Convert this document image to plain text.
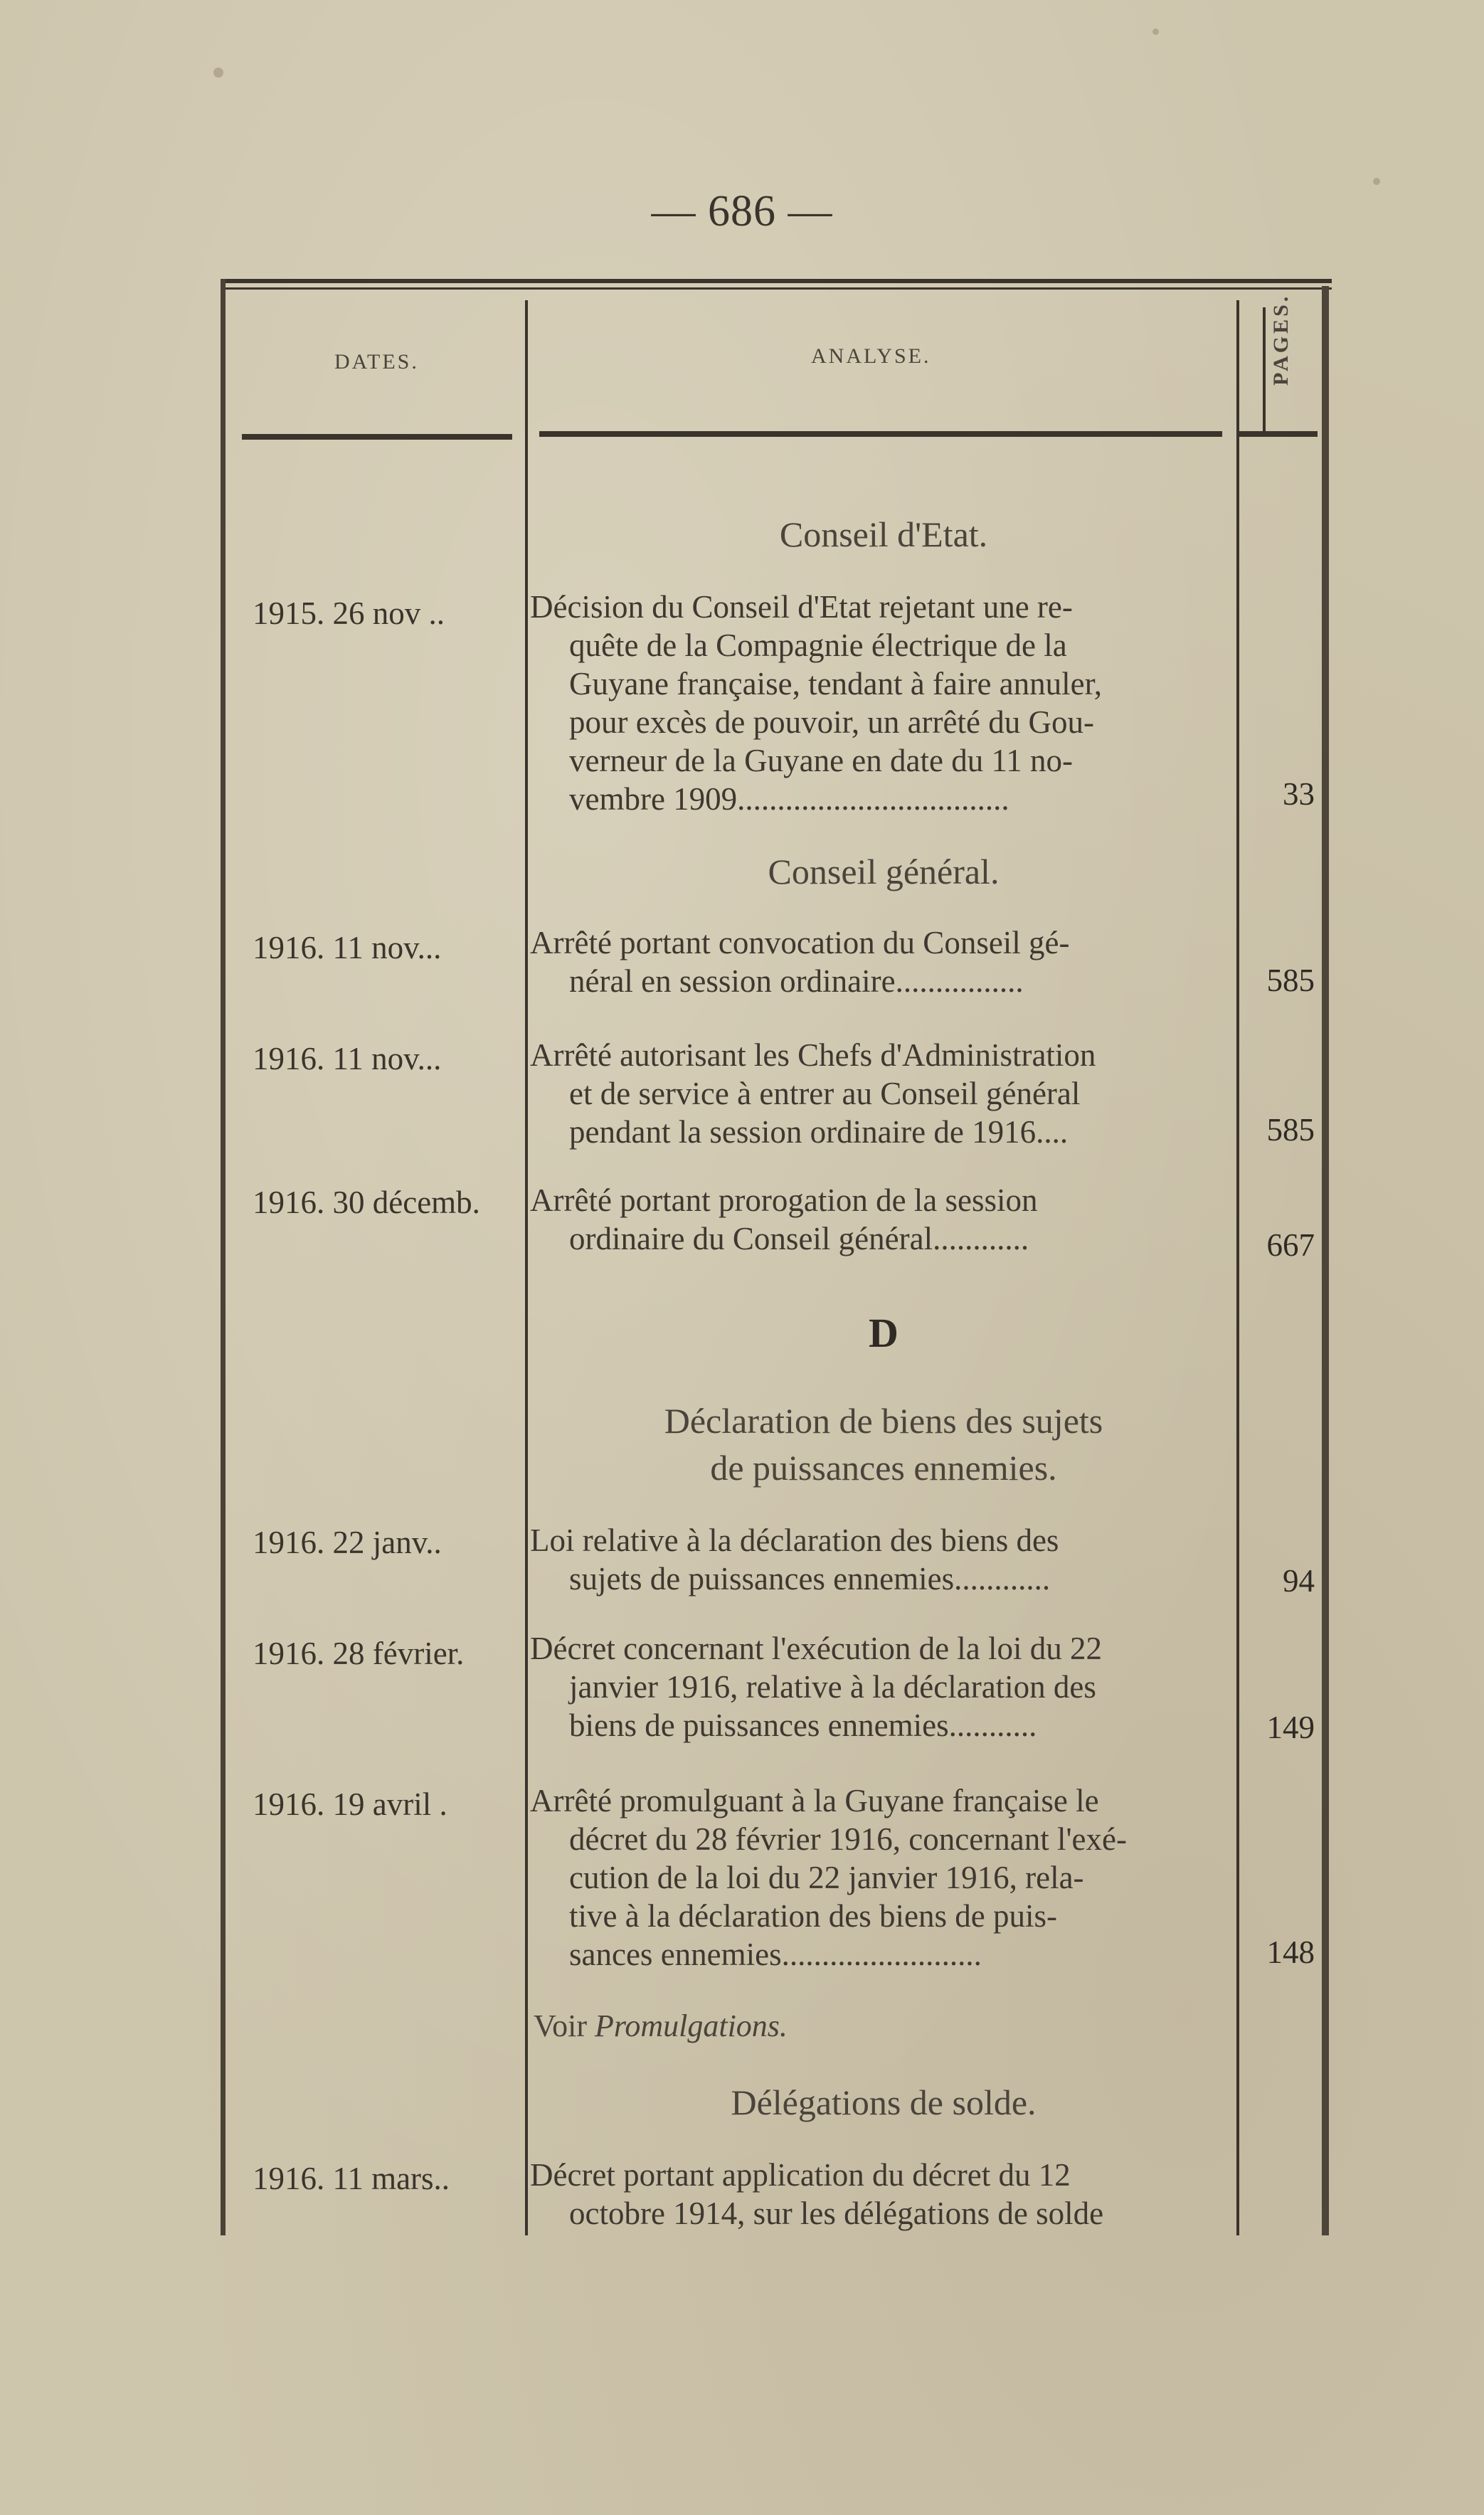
— 686 —
DATES.	ANALYSE.	PAGES.
Conseil d'Etat.
1915. 26 nov ..	Décision du Conseil d'Etat rejetant une re-
quête de la Compagnie électrique de la
Guyane française, tendant à faire annuler,
pour excès de pouvoir, un arrêté du Gou-
verneur de la Guyane en date du 11 no-
vembre 1909..................................	33
Conseil général.
1916. 11 nov...	Arrêté portant convocation du Conseil gé-
néral en session ordinaire................	585
1916. 11 nov...	Arrêté autorisant les Chefs d'Administration
et de service à entrer au Conseil général
pendant la session ordinaire de 1916....	585
1916. 30 décemb.	Arrêté portant prorogation de la session
ordinaire du Conseil général............	667
D
Déclaration de biens des sujets
de puissances ennemies.
1916. 22 janv..	Loi relative à la déclaration des biens des
sujets de puissances ennemies............	94
1916. 28 février.	Décret concernant l'exécution de la loi du 22
janvier 1916, relative à la déclaration des
biens de puissances ennemies...........	149
1916. 19 avril .	Arrêté promulguant à la Guyane française le
décret du 28 février 1916, concernant l'exé-
cution de la loi du 22 janvier 1916, rela-
tive à la déclaration des biens de puis-
sances ennemies.........................	148
Voir Promulgations.
Délégations de solde.
1916. 11 mars..	Décret portant application du décret du 12
octobre 1914, sur les délégations de solde
